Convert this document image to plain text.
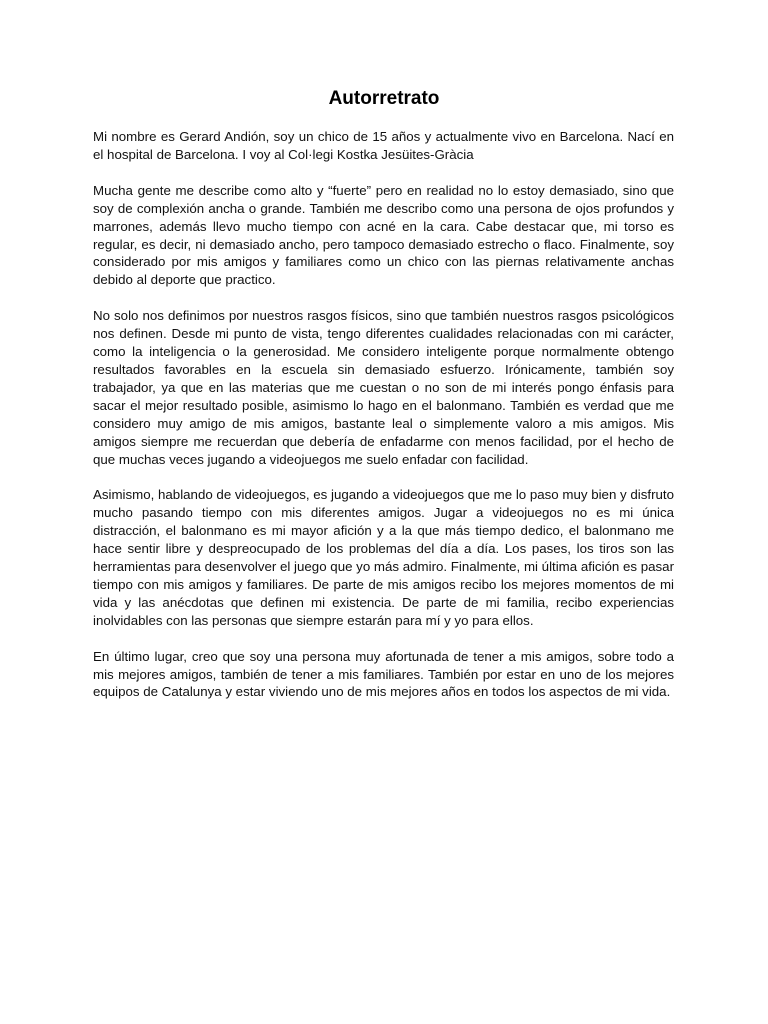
Autorretrato

Mi nombre es Gerard Andión, soy un chico de 15 años y actualmente vivo en Barcelona. Nací en el hospital de Barcelona. I voy al Col·legi Kostka Jesüites-Gràcia

Mucha gente me describe como alto y “fuerte” pero en realidad no lo estoy demasiado, sino que soy de complexión ancha o grande. También me describo como una persona de ojos profundos y marrones, además llevo mucho tiempo con acné en la cara. Cabe destacar que, mi torso es regular, es decir, ni demasiado ancho, pero tampoco demasiado estrecho o flaco. Finalmente, soy considerado por mis amigos y familiares como un chico con las piernas relativamente anchas debido al deporte que practico.

No solo nos definimos por nuestros rasgos físicos, sino que también nuestros rasgos psicológicos nos definen. Desde mi punto de vista, tengo diferentes cualidades relacionadas con mi carácter, como la inteligencia o la generosidad. Me considero inteligente porque normalmente obtengo resultados favorables en la escuela sin demasiado esfuerzo. Irónicamente, también soy trabajador, ya que en las materias que me cuestan o no son de mi interés pongo énfasis para sacar el mejor resultado posible, asimismo lo hago en el balonmano. También es verdad que me considero muy amigo de mis amigos, bastante leal o simplemente valoro a mis amigos. Mis amigos siempre me recuerdan que debería de enfadarme con menos facilidad, por el hecho de que muchas veces jugando a videojuegos me suelo enfadar con facilidad.

Asimismo, hablando de videojuegos, es jugando a videojuegos que me lo paso muy bien y disfruto mucho pasando tiempo con mis diferentes amigos. Jugar a videojuegos no es mi única distracción, el balonmano es mi mayor afición y a la que más tiempo dedico, el balonmano me hace sentir libre y despreocupado de los problemas del día a día. Los pases, los tiros son las herramientas para desenvolver el juego que yo más admiro. Finalmente, mi última afición es pasar tiempo con mis amigos y familiares. De parte de mis amigos recibo los mejores momentos de mi vida y las anécdotas que definen mi existencia. De parte de mi familia, recibo experiencias inolvidables con las personas que siempre estarán para mí y yo para ellos.

En último lugar, creo que soy una persona muy afortunada de tener a mis amigos, sobre todo a mis mejores amigos, también de tener a mis familiares. También por estar en uno de los mejores equipos de Catalunya y estar viviendo uno de mis mejores años en todos los aspectos de mi vida.
